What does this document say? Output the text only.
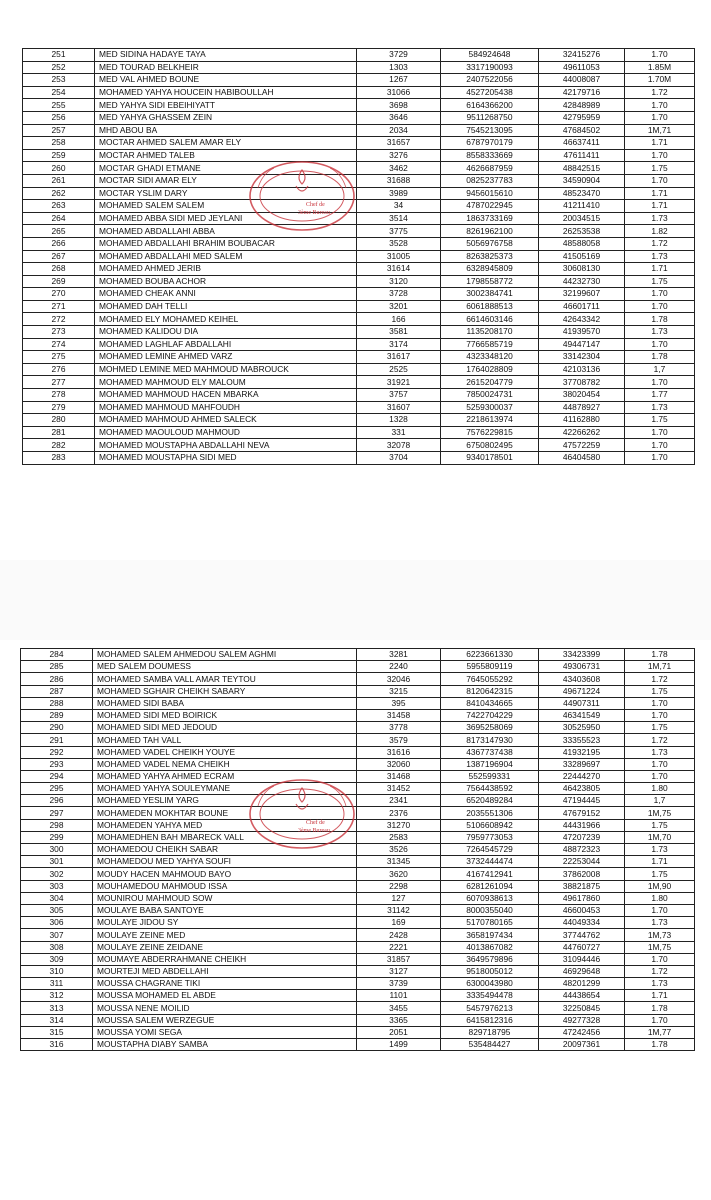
251	MED SIDINA HADAYE TAYA	3729	584924648	32415276	1.70
252	MED TOURAD BELKHEIR	1303	3317190093	49611053	1.85M
253	MED VAL AHMED BOUNE	1267	2407522056	44008087	1.70M
254	MOHAMED YAHYA HOUCEIN HABIBOULLAH	31066	4527205438	42179716	1.72
255	MED YAHYA SIDI EBEIHIYATT	3698	6164366200	42848989	1.70
256	MED YAHYA GHASSEM ZEIN	3646	9511268750	42795959	1.70
257	MHD ABOU BA	2034	7545213095	47684502	1M,71
258	MOCTAR AHMED SALEM AMAR ELY	31657	6787970179	46637411	1.71
259	MOCTAR AHMED TALEB	3276	8558333669	47611411	1.70
260	MOCTAR GHADI ETMANE	3462	4626687959	48842515	1.75
261	MOCTAR SIDI AMAR ELY	31688	0825237783	34590904	1.70
262	MOCTAR YSLIM DARY	3989	9456015610	48523470	1.71
263	MOHAMED SALEM SALEM	34	4787022945	41211410	1.71
264	MOHAMED ABBA SIDI MED JEYLANI	3514	1863733169	20034515	1.73
265	MOHAMED ABDALLAHI ABBA	3775	8261962100	26253538	1.82
266	MOHAMED ABDALLAHI BRAHIM BOUBACAR	3528	5056976758	48588058	1.72
267	MOHAMED ABDALLAHI MED SALEM	31005	8263825373	41505169	1.73
268	MOHAMED AHMED JERIB	31614	6328945809	30608130	1.71
269	MOHAMED BOUBA ACHOR	3120	1798558772	44232730	1.75
270	MOHAMED CHEAK ANNI	3728	3002384741	32199607	1.70
271	MOHAMED DAH TELLI	3201	6061888513	46601711	1.70
272	MOHAMED ELY MOHAMED KEIHEL	166	6614603146	42643342	1.78
273	MOHAMED KALIDOU DIA	3581	1135208170	41939570	1.73
274	MOHAMED LAGHLAF ABDALLAHI	3174	7766585719	49447147	1.70
275	MOHAMED LEMINE AHMED VARZ	31617	4323348120	33142304	1.78
276	MOHMED LEMINE MED MAHMOUD MABROUCK	2525	1764028809	42103136	1,7
277	MOHAMED MAHMOUD ELY MALOUM	31921	2615204779	37708782	1.70
278	MOHAMED MAHMOUD HACEN MBARKA	3757	7850024731	38020454	1.77
279	MOHAMED MAHMOUD MAHFOUDH	31607	5259300037	44878927	1.73
280	MOHAMED MAHMOUD AHMED SALECK	1328	2218613974	41162880	1.75
281	MOHAMED MAOULOUD MAHMOUD	331	7576229815	42266262	1.70
282	MOHAMED MOUSTAPHA ABDALLAHI NEVA	32078	6750802495	47572259	1.70
283	MOHAMED MOUSTAPHA SIDI MED	3704	9340178501	46404580	1.70
Chef de
3ème Bureau
284	MOHAMED SALEM AHMEDOU SALEM AGHMI	3281	6223661330	33423399	1.78
285	MED SALEM DOUMESS	2240	5955809119	49306731	1M,71
286	MOHAMED SAMBA VALL AMAR TEYTOU	32046	7645055292	43403608	1.72
287	MOHAMED SGHAIR CHEIKH SABARY	3215	8120642315	49671224	1.75
288	MOHAMED SIDI BABA	395	8410434665	44907311	1.70
289	MOHAMED SIDI MED BOIRICK	31458	7422704229	46341549	1.70
290	MOHAMED SIDI MED JEDOUD	3778	3695258069	30525950	1.75
291	MOHAMED TAH VALL	3579	8173147930	33355523	1.72
292	MOHAMED VADEL CHEIKH YOUYE	31616	4367737438	41932195	1.73
293	MOHAMED VADEL NEMA CHEIKH	32060	1387196904	33289697	1.70
294	MOHAMED YAHYA AHMED ECRAM	31468	552599331	22444270	1.70
295	MOHAMED YAHYA SOULEYMANE	31452	7564438592	46423805	1.80
296	MOHAMED YESLIM YARG	2341	6520489284	47194445	1,7
297	MOHAMEDEN MOKHTAR BOUNE	2376	2035551306	47679152	1M,75
298	MOHAMEDEN YAHYA MED	31270	5106608942	44431966	1.75
299	MOHAMEDHEN BAH MBARECK VALL	2583	7959773053	47207239	1M,70
300	MOHAMEDOU CHEIKH SABAR	3526	7264545729	48872323	1.73
301	MOHAMEDOU MED YAHYA SOUFI	31345	3732444474	22253044	1.71
302	MOUDY HACEN MAHMOUD BAYO	3620	4167412941	37862008	1.75
303	MOUHAMEDOU MAHMOUD ISSA	2298	6281261094	38821875	1M,90
304	MOUNIROU MAHMOUD SOW	127	6070938613	49617860	1.80
305	MOULAYE BABA SANTOYE	31142	8000355040	46600453	1.70
306	MOULAYE JIDOU SY	169	5170780165	44049334	1.73
307	MOULAYE ZEINE MED	2428	3658197434	37744762	1M,73
308	MOULAYE ZEINE ZEIDANE	2221	4013867082	44760727	1M,75
309	MOUMAYE ABDERRAHMANE CHEIKH	31857	3649579896	31094446	1.70
310	MOURTEJI MED ABDELLAHI	3127	9518005012	46929648	1.72
311	MOUSSA CHAGRANE TIKI	3739	6300043980	48201299	1.73
312	MOUSSA MOHAMED EL ABDE	1101	3335494478	44438654	1.71
313	MOUSSA NENE MOILID	3455	5457976213	32250845	1.78
314	MOUSSA SALEM WERZEGUE	3365	6415812316	49277328	1.70
315	MOUSSA YOMI SEGA	2051	829718795	47242456	1M,77
316	MOUSTAPHA DIABY SAMBA	1499	535484427	20097361	1.78
Chef de
3ème Bureau
